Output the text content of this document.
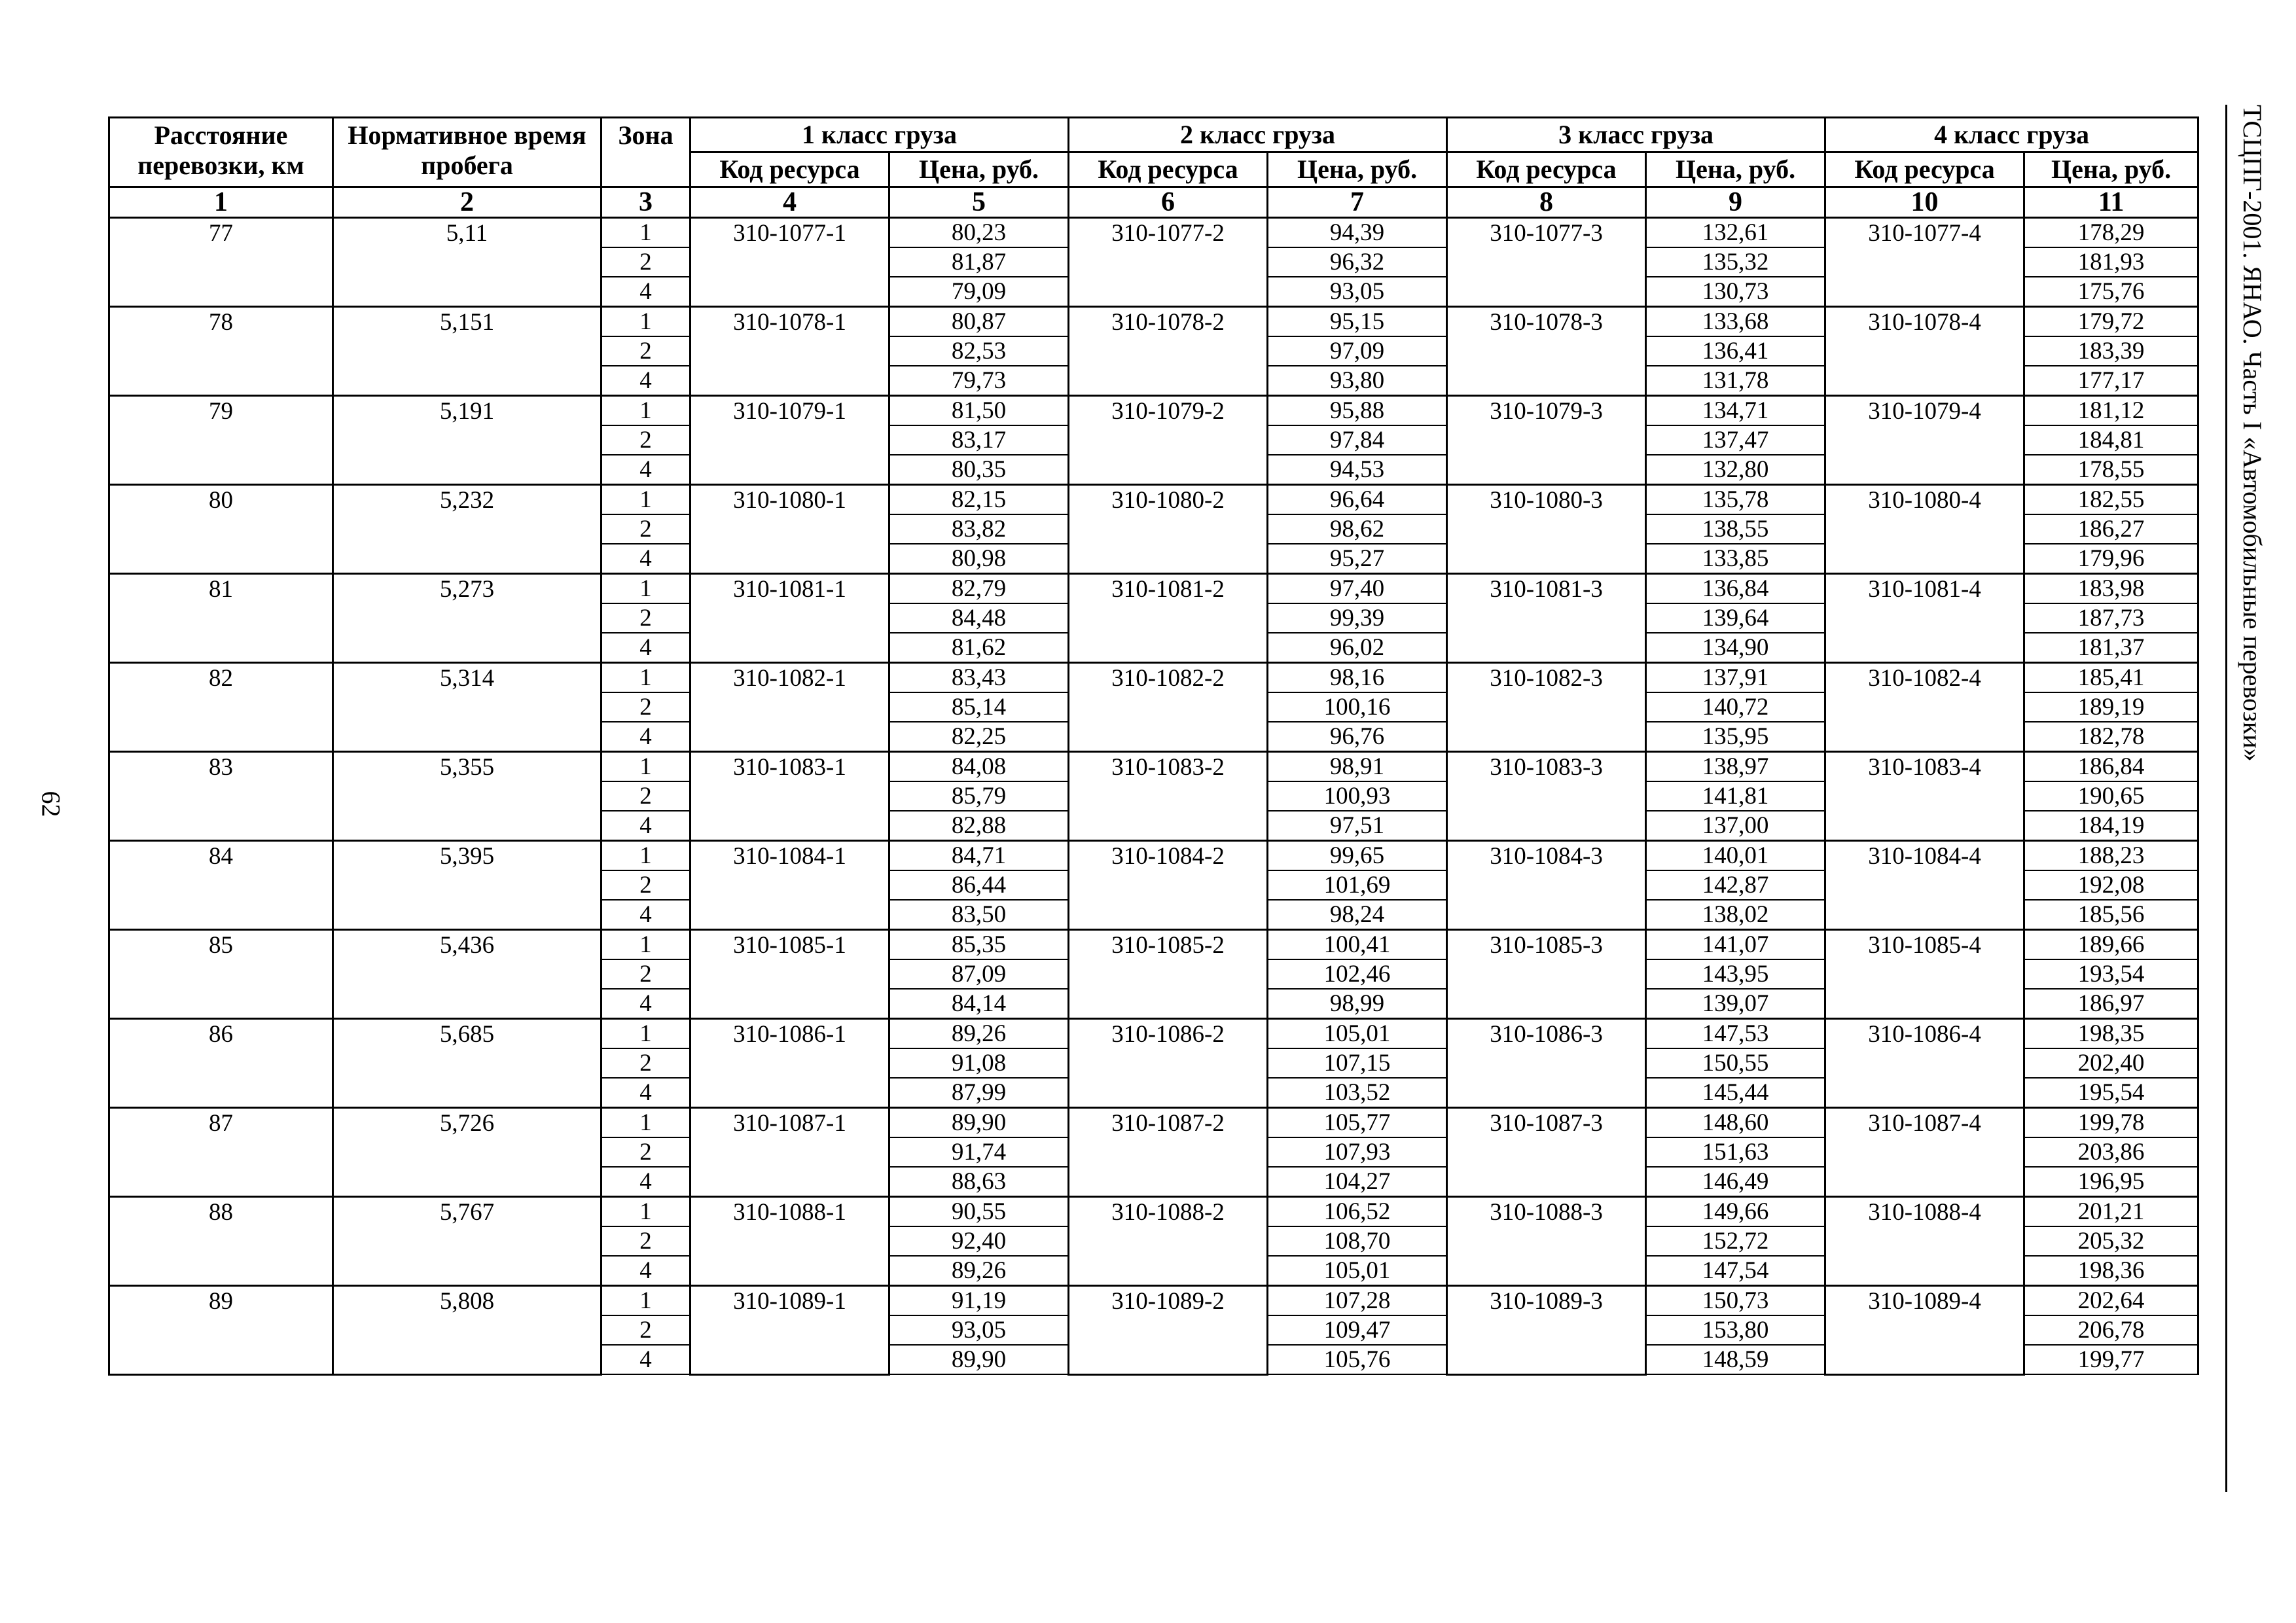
ТСЦПГ-2001. ЯНАО. Часть I «Автомобильные перевозки»
62
Расстояние перевозки, км	Нормативное время пробега	Зона	1 класс груза		2 класс груза		3 класс груза		4 класс груза	
			Код ресурса	Цена, руб.	Код ресурса	Цена, руб.	Код ресурса	Цена, руб.	Код ресурса	Цена, руб.
1	2	3	4	5	6	7	8	9	10	11
77	5,11	1	310-1077-1	80,23	310-1077-2	94,39	310-1077-3	132,61	310-1077-4	178,29
		2		81,87		96,32		135,32		181,93
		4		79,09		93,05		130,73		175,76
78	5,151	1	310-1078-1	80,87	310-1078-2	95,15	310-1078-3	133,68	310-1078-4	179,72
		2		82,53		97,09		136,41		183,39
		4		79,73		93,80		131,78		177,17
79	5,191	1	310-1079-1	81,50	310-1079-2	95,88	310-1079-3	134,71	310-1079-4	181,12
		2		83,17		97,84		137,47		184,81
		4		80,35		94,53		132,80		178,55
80	5,232	1	310-1080-1	82,15	310-1080-2	96,64	310-1080-3	135,78	310-1080-4	182,55
		2		83,82		98,62		138,55		186,27
		4		80,98		95,27		133,85		179,96
81	5,273	1	310-1081-1	82,79	310-1081-2	97,40	310-1081-3	136,84	310-1081-4	183,98
		2		84,48		99,39		139,64		187,73
		4		81,62		96,02		134,90		181,37
82	5,314	1	310-1082-1	83,43	310-1082-2	98,16	310-1082-3	137,91	310-1082-4	185,41
		2		85,14		100,16		140,72		189,19
		4		82,25		96,76		135,95		182,78
83	5,355	1	310-1083-1	84,08	310-1083-2	98,91	310-1083-3	138,97	310-1083-4	186,84
		2		85,79		100,93		141,81		190,65
		4		82,88		97,51		137,00		184,19
84	5,395	1	310-1084-1	84,71	310-1084-2	99,65	310-1084-3	140,01	310-1084-4	188,23
		2		86,44		101,69		142,87		192,08
		4		83,50		98,24		138,02		185,56
85	5,436	1	310-1085-1	85,35	310-1085-2	100,41	310-1085-3	141,07	310-1085-4	189,66
		2		87,09		102,46		143,95		193,54
		4		84,14		98,99		139,07		186,97
86	5,685	1	310-1086-1	89,26	310-1086-2	105,01	310-1086-3	147,53	310-1086-4	198,35
		2		91,08		107,15		150,55		202,40
		4		87,99		103,52		145,44		195,54
87	5,726	1	310-1087-1	89,90	310-1087-2	105,77	310-1087-3	148,60	310-1087-4	199,78
		2		91,74		107,93		151,63		203,86
		4		88,63		104,27		146,49		196,95
88	5,767	1	310-1088-1	90,55	310-1088-2	106,52	310-1088-3	149,66	310-1088-4	201,21
		2		92,40		108,70		152,72		205,32
		4		89,26		105,01		147,54		198,36
89	5,808	1	310-1089-1	91,19	310-1089-2	107,28	310-1089-3	150,73	310-1089-4	202,64
		2		93,05		109,47		153,80		206,78
		4		89,90		105,76		148,59		199,77
